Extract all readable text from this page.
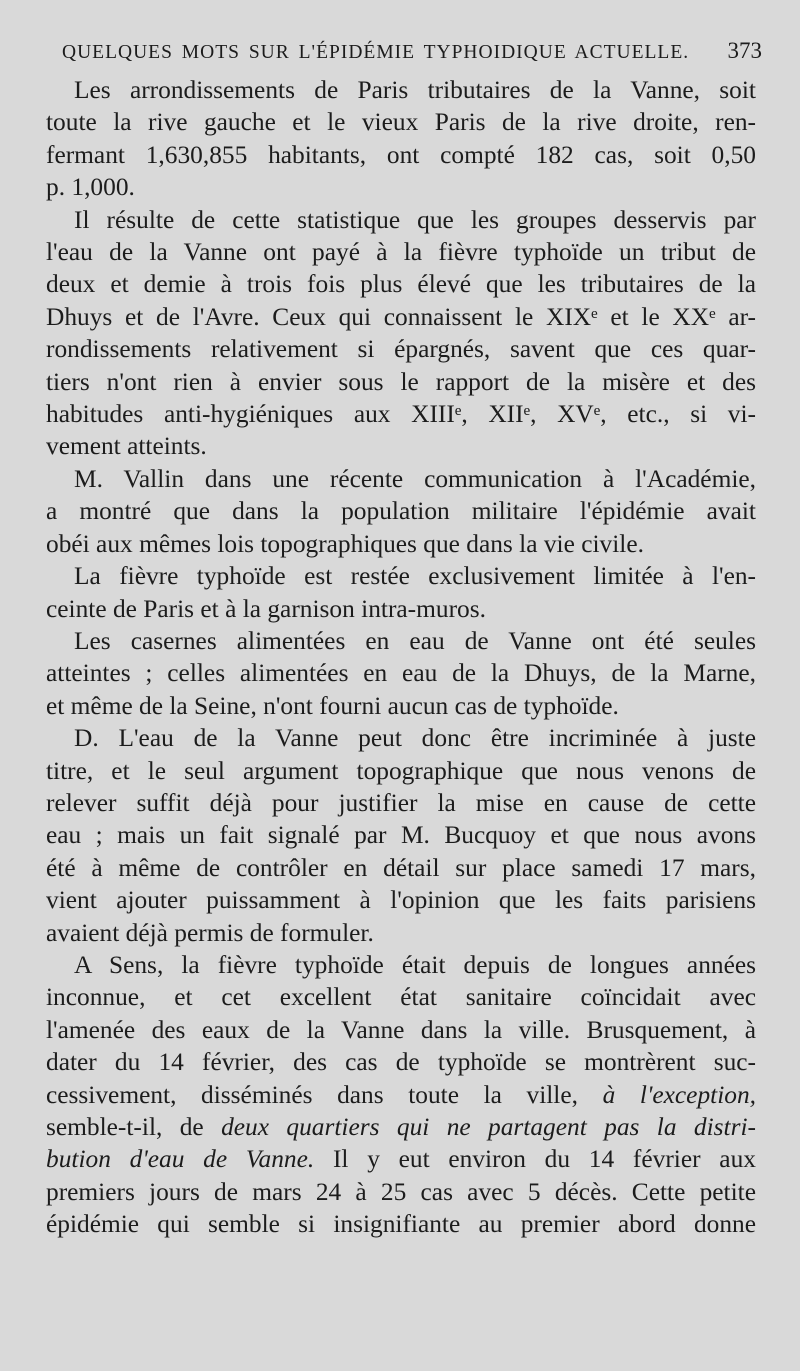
QUELQUES MOTS SUR L'ÉPIDÉMIE TYPHOIDIQUE ACTUELLE. 373
Les arrondissements de Paris tributaires de la Vanne, soit
toute la rive gauche et le vieux Paris de la rive droite, ren-
fermant 1,630,855 habitants, ont compté 182 cas, soit 0,50
p. 1,000.
Il résulte de cette statistique que les groupes desservis par
l'eau de la Vanne ont payé à la fièvre typhoïde un tribut de
deux et demie à trois fois plus élevé que les tributaires de la
Dhuys et de l'Avre. Ceux qui connaissent le XIXᵉ et le XXᵉ ar-
rondissements relativement si épargnés, savent que ces quar-
tiers n'ont rien à envier sous le rapport de la misère et des
habitudes anti-hygiéniques aux XIIIᵉ, XIIᵉ, XVᵉ, etc., si vi-
vement atteints.
M. Vallin dans une récente communication à l'Académie,
a montré que dans la population militaire l'épidémie avait
obéi aux mêmes lois topographiques que dans la vie civile.
La fièvre typhoïde est restée exclusivement limitée à l'en-
ceinte de Paris et à la garnison intra-muros.
Les casernes alimentées en eau de Vanne ont été seules
atteintes ; celles alimentées en eau de la Dhuys, de la Marne,
et même de la Seine, n'ont fourni aucun cas de typhoïde.
D. L'eau de la Vanne peut donc être incriminée à juste
titre, et le seul argument topographique que nous venons de
relever suffit déjà pour justifier la mise en cause de cette
eau ; mais un fait signalé par M. Bucquoy et que nous avons
été à même de contrôler en détail sur place samedi 17 mars,
vient ajouter puissamment à l'opinion que les faits parisiens
avaient déjà permis de formuler.
A Sens, la fièvre typhoïde était depuis de longues années
inconnue, et cet excellent état sanitaire coïncidait avec
l'amenée des eaux de la Vanne dans la ville. Brusquement, à
dater du 14 février, des cas de typhoïde se montrèrent suc-
cessivement, disséminés dans toute la ville, à l'exception,
semble-t-il, de deux quartiers qui ne partagent pas la distri-
bution d'eau de Vanne. Il y eut environ du 14 février aux
premiers jours de mars 24 à 25 cas avec 5 décès. Cette petite
épidémie qui semble si insignifiante au premier abord donne
